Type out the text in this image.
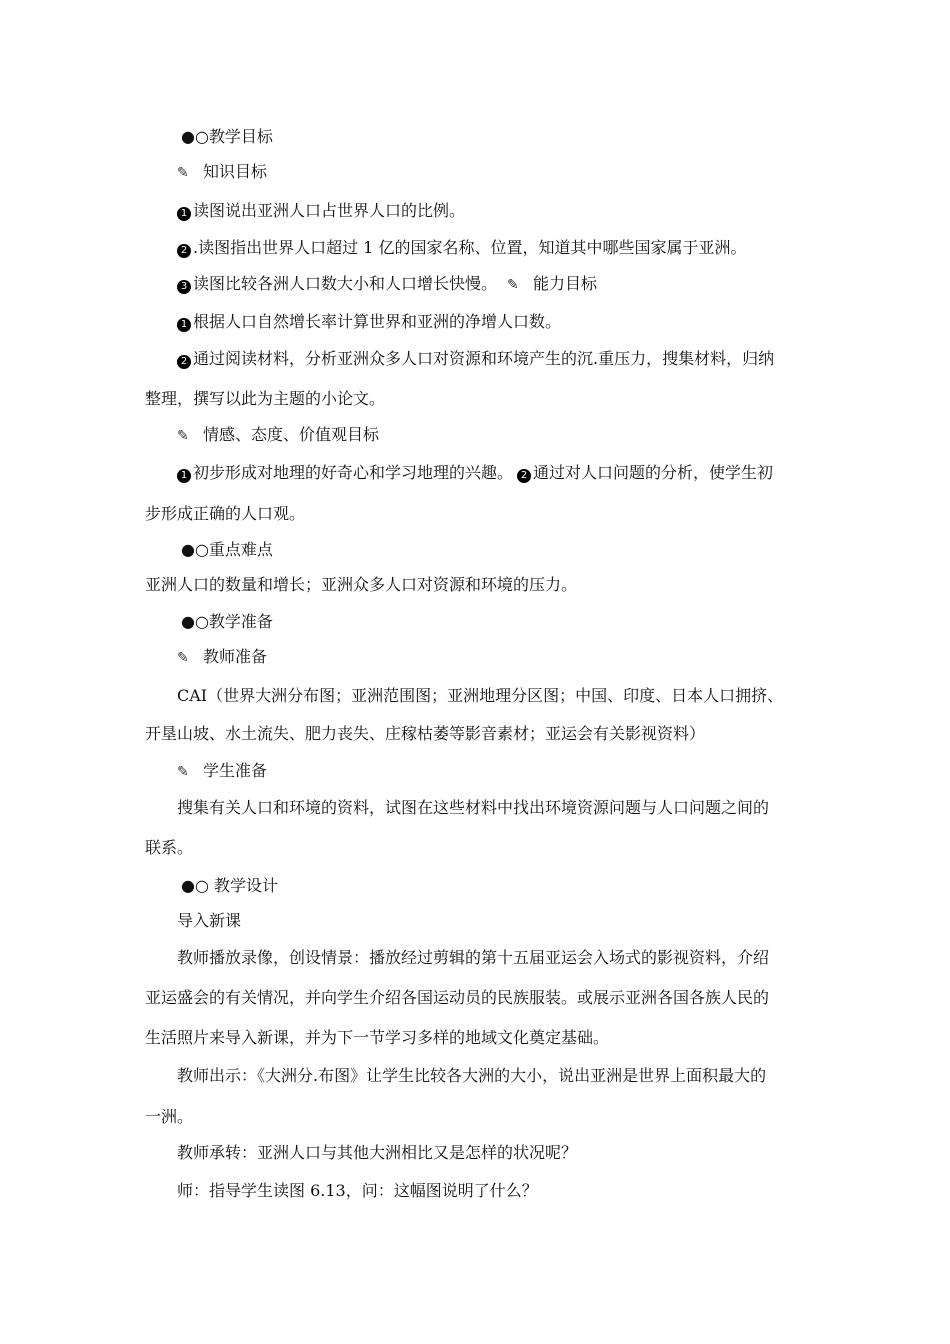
●○教学目标
✎ 知识目标
1 读图说出亚洲人口占世界人口的比例。
2 .读图指出世界人口超过 1 亿的国家名称、位置，知道其中哪些国家属于亚洲。
3 读图比较各洲人口数大小和人口增长快慢。 ✎ 能力目标
1 根据人口自然增长率计算世界和亚洲的净增人口数。
2 通过阅读材料，分析亚洲众多人口对资源和环境产生的沉.重压力，搜集材料，归纳
整理，撰写以此为主题的小论文。
✎ 情感、态度、价值观目标
1 初步形成对地理的好奇心和学习地理的兴趣。 2 通过对人口问题的分析，使学生初
步形成正确的人口观。
●○重点难点
亚洲人口的数量和增长；亚洲众多人口对资源和环境的压力。
●○教学准备
✎ 教师准备
CAI（世界大洲分布图；亚洲范围图；亚洲地理分区图；中国、印度、日本人口拥挤、
开垦山坡、水土流失、肥力丧失、庄稼枯萎等影音素材；亚运会有关影视资料）
✎ 学生准备
搜集有关人口和环境的资料，试图在这些材料中找出环境资源问题与人口问题之间的
联系。
●○ 教学设计
导入新课
教师播放录像，创设情景：播放经过剪辑的第十五届亚运会入场式的影视资料，介绍
亚运盛会的有关情况，并向学生介绍各国运动员的民族服装。或展示亚洲各国各族人民的
生活照片来导入新课，并为下一节学习多样的地域文化奠定基础。
教师出示：《大洲分.布图》让学生比较各大洲的大小，说出亚洲是世界上面积最大的
一洲。
教师承转：亚洲人口与其他大洲相比又是怎样的状况呢？
师：指导学生读图 6.13，问：这幅图说明了什么？
